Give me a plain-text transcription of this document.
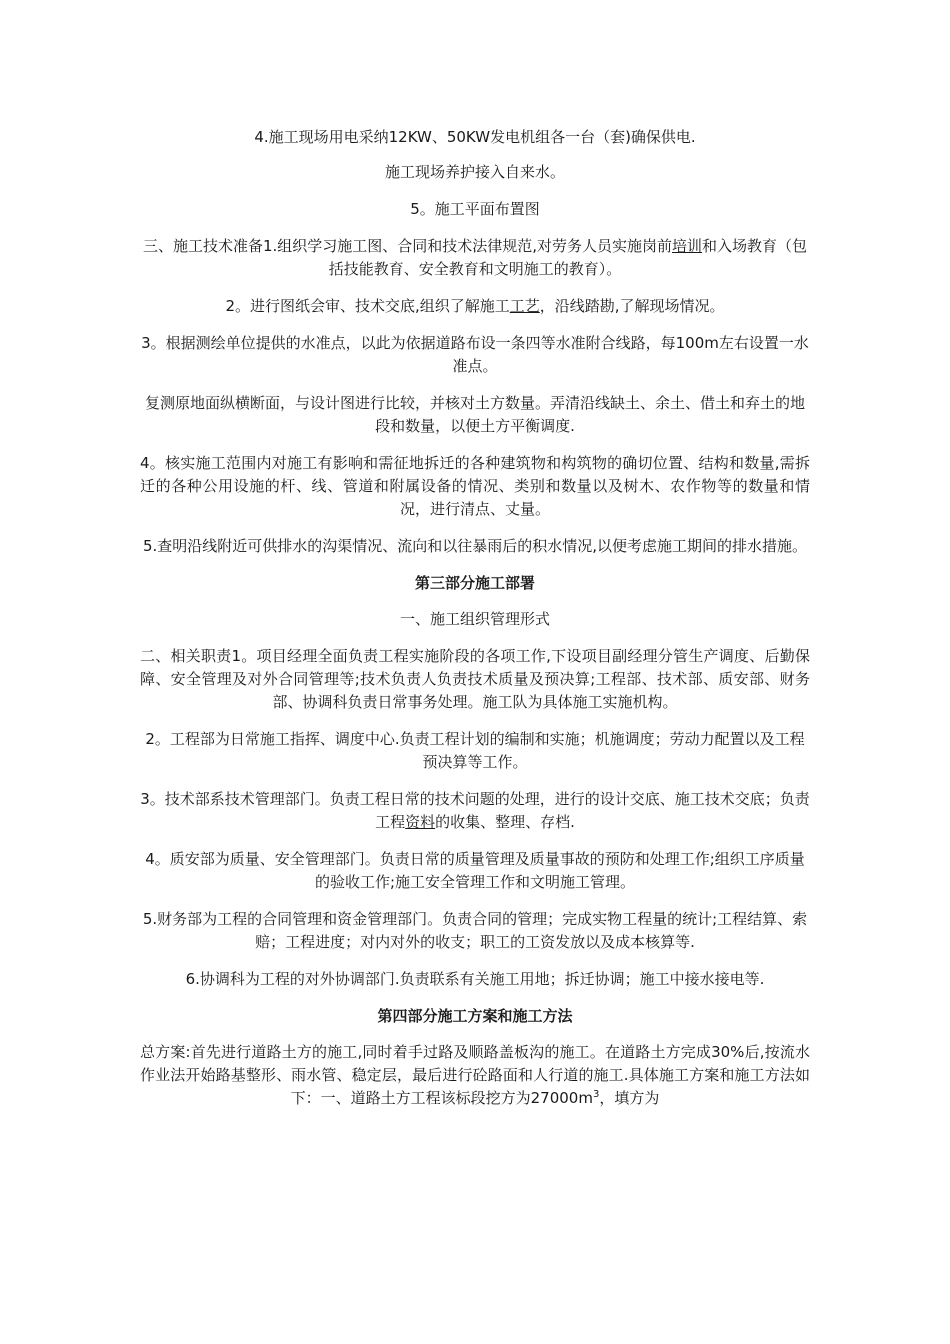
4.施工现场用电采纳12KW、50KW发电机组各一台（套)确保供电.

施工现场养护接入自来水。

5。施工平面布置图

三、施工技术准备1.组织学习施工图、合同和技术法律规范,对劳务人员实施岗前培训和入场教育（包括技能教育、安全教育和文明施工的教育）。

2。进行图纸会审、技术交底,组织了解施工工艺，沿线踏勘,了解现场情况。

3。根据测绘单位提供的水准点，以此为依据道路布设一条四等水准附合线路，每100m左右设置一水准点。

复测原地面纵横断面，与设计图进行比较，并核对土方数量。弄清沿线缺土、余土、借土和弃土的地段和数量，以便土方平衡调度.

4。核实施工范围内对施工有影响和需征地拆迁的各种建筑物和构筑物的确切位置、结构和数量,需拆迁的各种公用设施的杆、线、管道和附属设备的情况、类别和数量以及树木、农作物等的数量和情况，进行清点、丈量。

5.查明沿线附近可供排水的沟渠情况、流向和以往暴雨后的积水情况,以便考虑施工期间的排水措施。

第三部分施工部署

一、施工组织管理形式

二、相关职责1。项目经理全面负责工程实施阶段的各项工作,下设项目副经理分管生产调度、后勤保障、安全管理及对外合同管理等;技术负责人负责技术质量及预决算;工程部、技术部、质安部、财务部、协调科负责日常事务处理。施工队为具体施工实施机构。

2。工程部为日常施工指挥、调度中心.负责工程计划的编制和实施；机施调度；劳动力配置以及工程预决算等工作。

3。技术部系技术管理部门。负责工程日常的技术问题的处理，进行的设计交底、施工技术交底；负责工程资料的收集、整理、存档.

4。质安部为质量、安全管理部门。负责日常的质量管理及质量事故的预防和处理工作;组织工序质量的验收工作;施工安全管理工作和文明施工管理。

5.财务部为工程的合同管理和资金管理部门。负责合同的管理；完成实物工程量的统计;工程结算、索赔；工程进度；对内对外的收支；职工的工资发放以及成本核算等.

6.协调科为工程的对外协调部门.负责联系有关施工用地；拆迁协调；施工中接水接电等.

第四部分施工方案和施工方法

总方案:首先进行道路土方的施工,同时着手过路及顺路盖板沟的施工。在道路土方完成30%后,按流水作业法开始路基整形、雨水管、稳定层，最后进行砼路面和人行道的施工.具体施工方案和施工方法如下：一、道路土方工程该标段挖方为$27000m^3$，填方为
